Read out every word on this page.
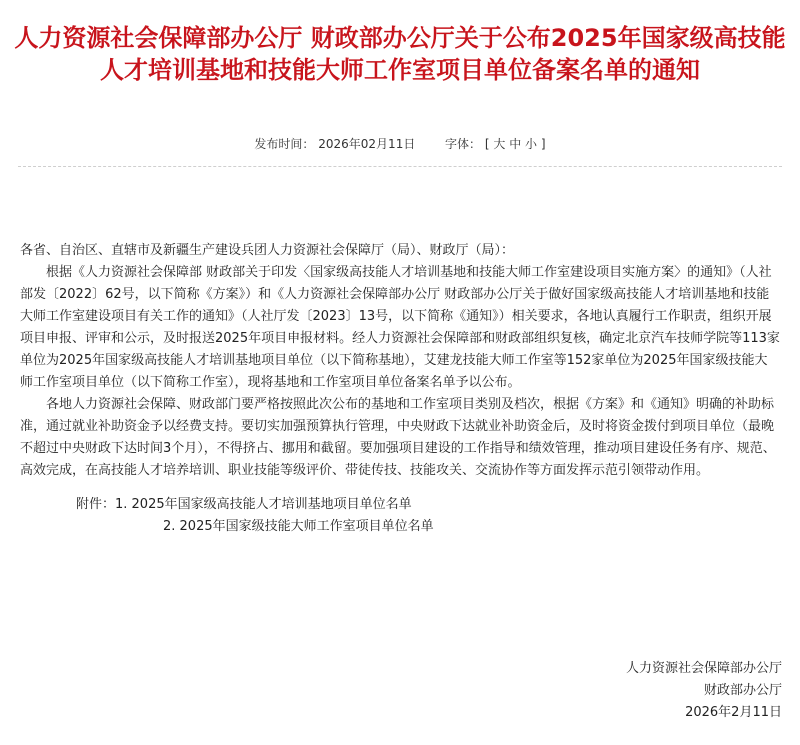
人力资源社会保障部办公厅 财政部办公厅关于公布2025年国家级高技能人才培训基地和技能大师工作室项目单位备案名单的通知
发布时间： 2026年02月11日 字体： [ 大 中 小 ]

各省、自治区、直辖市及新疆生产建设兵团人力资源社会保障厅（局）、财政厅（局）：

根据《人力资源社会保障部 财政部关于印发〈国家级高技能人才培训基地和技能大师工作室建设项目实施方案〉的通知》（人社部发〔2022〕62号，以下简称《方案》）和《人力资源社会保障部办公厅 财政部办公厅关于做好国家级高技能人才培训基地和技能大师工作室建设项目有关工作的通知》（人社厅发〔2023〕13号，以下简称《通知》）相关要求，各地认真履行工作职责，组织开展项目申报、评审和公示，及时报送2025年项目申报材料。经人力资源社会保障部和财政部组织复核，确定北京汽车技师学院等113家单位为2025年国家级高技能人才培训基地项目单位（以下简称基地），艾建龙技能大师工作室等152家单位为2025年国家级技能大师工作室项目单位（以下简称工作室），现将基地和工作室项目单位备案名单予以公布。

各地人力资源社会保障、财政部门要严格按照此次公布的基地和工作室项目类别及档次，根据《方案》和《通知》明确的补助标准，通过就业补助资金予以经费支持。要切实加强预算执行管理，中央财政下达就业补助资金后，及时将资金拨付到项目单位（最晚不超过中央财政下达时间3个月），不得挤占、挪用和截留。要加强项目建设的工作指导和绩效管理，推动项目建设任务有序、规范、高效完成，在高技能人才培养培训、职业技能等级评价、带徒传技、技能攻关、交流协作等方面发挥示范引领带动作用。

附件：1. 2025年国家级高技能人才培训基地项目单位名单

2. 2025年国家级技能大师工作室项目单位名单

人力资源社会保障部办公厅
财政部办公厅
2026年2月11日
